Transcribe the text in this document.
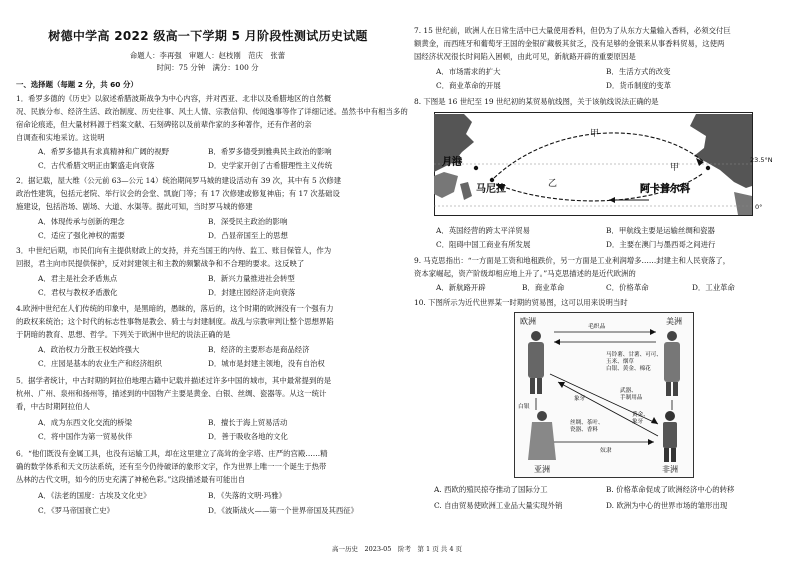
树德中学高 2022 级高一下学期 5 月阶段性测试历史试题
命题人：李再强　审题人：赵枝刚　范庆　张蕾
时间：75 分钟　满分：100 分
一、选择题（每题 2 分，共 60 分）
1．希罗多德的《历史》以叙述希腊波斯战争为中心内容，并对西亚、北非以及希腊地区的自然概
况、民族分布、经济生活、政治制度、历史往事、风土人情、宗教信仰、传闻逸事等作了详细记述。虽然书中有相当多的
宿命论痕迹，但大量材料源于档案文献、石刻碑铭以及前辈作家的多种著作，还有作者的亲
自调查和实地采访。这说明
A．希罗多德具有求真精神和广阔的视野	B．希罗多德受到雅典民主政治的影响
C．古代希腊文明正由繁盛走向衰落	D．史学家开创了古希腊理性主义传统
2．据记载，屋大维（公元前 63—公元 14）统治期间罗马城的建设活动有 39 次，其中有 5 次修建
政治性建筑，包括元老院、举行议会的会堂、凯旋门等；有 17 次修建或修复神庙；有 17 次基础设
施建设，包括浴场、剧场、大道、水渠等。据此可知，当时罗马城的修建
A．体现传承与创新的理念	B．深受民主政治的影响
C．适应了强化神权的需要	D．凸显帝国至上的思想
3．中世纪后期，市民们向有主提供财政上的支持，并充当国王的内侍、监工、账目保管人，作为
回报，君主向市民提供保护，反对封建领主和主教的频繁战争和不合理的要求。这反映了
A．君主是社会矛盾焦点	B．新兴力量推进社会转型
C．君权与教权矛盾激化	D．封建庄园经济走向衰落
4.欧洲中世纪在人们传统的印象中，是黑暗的，愚昧的，落后的，这个时期的欧洲没有一个强有力
的政权来统治；这个时代的标志性事物是教会、骑士与封建制度。战乱与宗教审判让整个思想界陷
于阴暗的教育、思想、哲学。下列关于欧洲中世纪的说法正确的是
A．政治权力分散王权始终强大	B．经济的主要形态是商品经济
C．庄园是基本的农业生产和经济组织	D．城市是封建主领地，没有自治权
5．据学者统计，中古时期的阿拉伯地理古籍中记载并描述过许多中国的城市，其中最常提到的是
杭州、广州、泉州和扬州等，描述到的中国物产主要是黄金、白银、丝绸、瓷器等。从这一统计
看，中古时期阿拉伯人
A．成为东西文化交流的桥梁	B．擅长于海上贸易活动
C．将中国作为第一贸易伙伴	D．善于吸收各地的文化
6．“他们既没有金属工具，也没有运输工具，却在这里建立了高耸的金字塔、庄严的宫殿……精
确的数学体系和天文历法系统，还有至今仍待破译的象形文字，作为世界上唯一一个诞生于热带
丛林的古代文明，如今的历史充满了神秘色彩。”这段描述最有可能出自
A．《法老的国度：古埃及文化史》	B．《失落的文明·玛雅》
C．《罗马帝国衰亡史》	D．《波斯战火——第一个世界帝国及其西征》
7. 15 世纪前，欧洲人在日常生活中已大量使用香料，但仍为了从东方大量输入香料，必须交付巨
额黄金，而西班牙和葡萄牙王国的金银矿藏极其贫乏，没有足够的金银来从事香料贸易，这使两
国经济状况很长时间陷入困顿，由此可见，新航路开辟的重要原因是
A．市场需求的扩大	B．生活方式的改变
C．商业革命的开展	D．货币制度的变革
8. 下图是 16 世纪至 19 世纪初的某贸易航线图，关于该航线说法正确的是
月港
马尼拉	阿卡普尔科
甲
甲
乙
23.5°N
0°
A．英国经营的跨太平洋贸易	B．甲航线主要是运输丝绸和瓷器
C．阻碍中国工商业有所发展	D．主要在澳门与墨西哥之间进行
9. 马克思指出：“一方面是工资和地租跌价，另一方面是工业利润增多……封建主和人民衰落了，
资本家崛起，资产阶级却相应地上升了。”马克思描述的是近代欧洲的
A．新航路开辟	B．商业革命	C．价格革命	D．工业革命
10. 下图所示为近代世界某一时期的贸易图，这可以用来说明当时
欧洲	美洲
亚洲	非洲
毛织品
白银
马铃薯、甘薯、可可、
玉米、烟草
白银、黄金、棉花
象牙
武器、
手制用品
丝绸、茶叶、
瓷器、香料
黄金、
象牙
奴隶
A. 西欧的殖民掠夺推动了国际分工	B. 价格革命促成了欧洲经济中心的转移
C. 自由贸易使欧洲工业品大量实现外销	D. 欧洲为中心的世界市场的雏形出现
高一历史　2023-05　阶考　第 1 页 共 4 页
